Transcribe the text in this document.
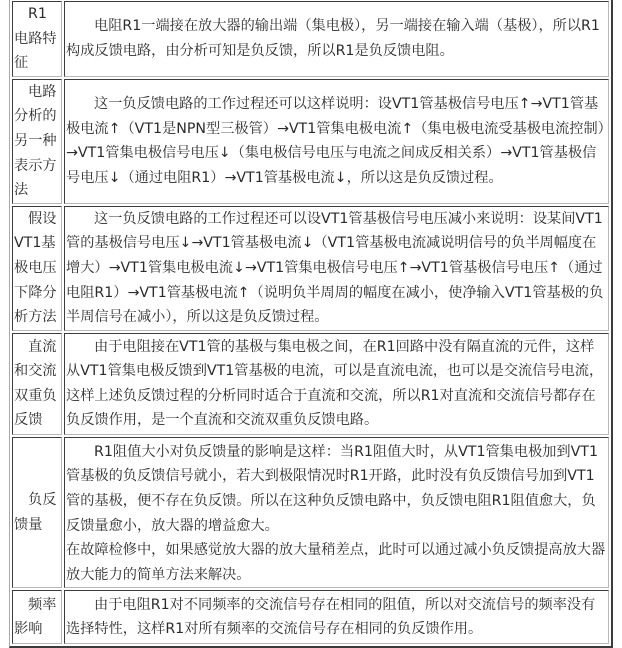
R1电路特征	电阻R1一端接在放大器的输出端（集电极），另一端接在输入端（基极），所以R1构成反馈电路，由分析可知是负反馈，所以R1是负反馈电阻。

电路分析的另一种表示方法	这一负反馈电路的工作过程还可以这样说明：设VT1管基极信号电压↑→VT1管基极电流↑（VT1是NPN型三极管）→VT1管集电极电流↑（集电极电流受基极电流控制）→VT1管集电极信号电压↓（集电极信号电压与电流之间成反相关系）→VT1管基极信号电压↓（通过电阻R1）→VT1管基极电流↓，所以这是负反馈过程。

假设VT1基极电压下降分析方法	这一负反馈电路的工作过程还可以设VT1管基极信号电压减小来说明：设某间VT1管的基极信号电压↓→VT1管基极电流↓（VT1管基极电流减说明信号的负半周幅度在增大）→VT1管集电极电流↓→VT1管集电极信号电压↑→VT1管基极信号电压↑（通过电阻R1）→VT1管基极电流↑（说明负半周周的幅度在减小，使净输入VT1管基极的负半周信号在减小），所以这是负反馈过程。

直流和交流双重负反馈	由于电阻接在VT1管的基极与集电极之间，在R1回路中没有隔直流的元件，这样从VT1管集电极反馈到VT1管基极的电流，可以是直流电流，也可以是交流信号电流，这样上述负反馈过程的分析同时适合于直流和交流，所以R1对直流和交流信号都存在负反馈作用，是一个直流和交流双重负反馈电路。

负反馈量	R1阻值大小对负反馈量的影响是这样：当R1阻值大时，从VT1管集电极加到VT1管基极的负反馈信号就小，若大到极限情况时R1开路，此时没有负反馈信号加到VT1管的基极，便不存在负反馈。所以在这种负反馈电路中，负反馈电阻R1阻值愈大，负反馈量愈小，放大器的增益愈大。

在故障检修中，如果感觉放大器的放大量稍差点，此时可以通过减小负反馈提高放大器放大能力的简单方法来解决。

频率影响	由于电阻R1对不同频率的交流信号存在相同的阻值，所以对交流信号的频率没有选择特性，这样R1对所有频率的交流信号存在相同的负反馈作用。
